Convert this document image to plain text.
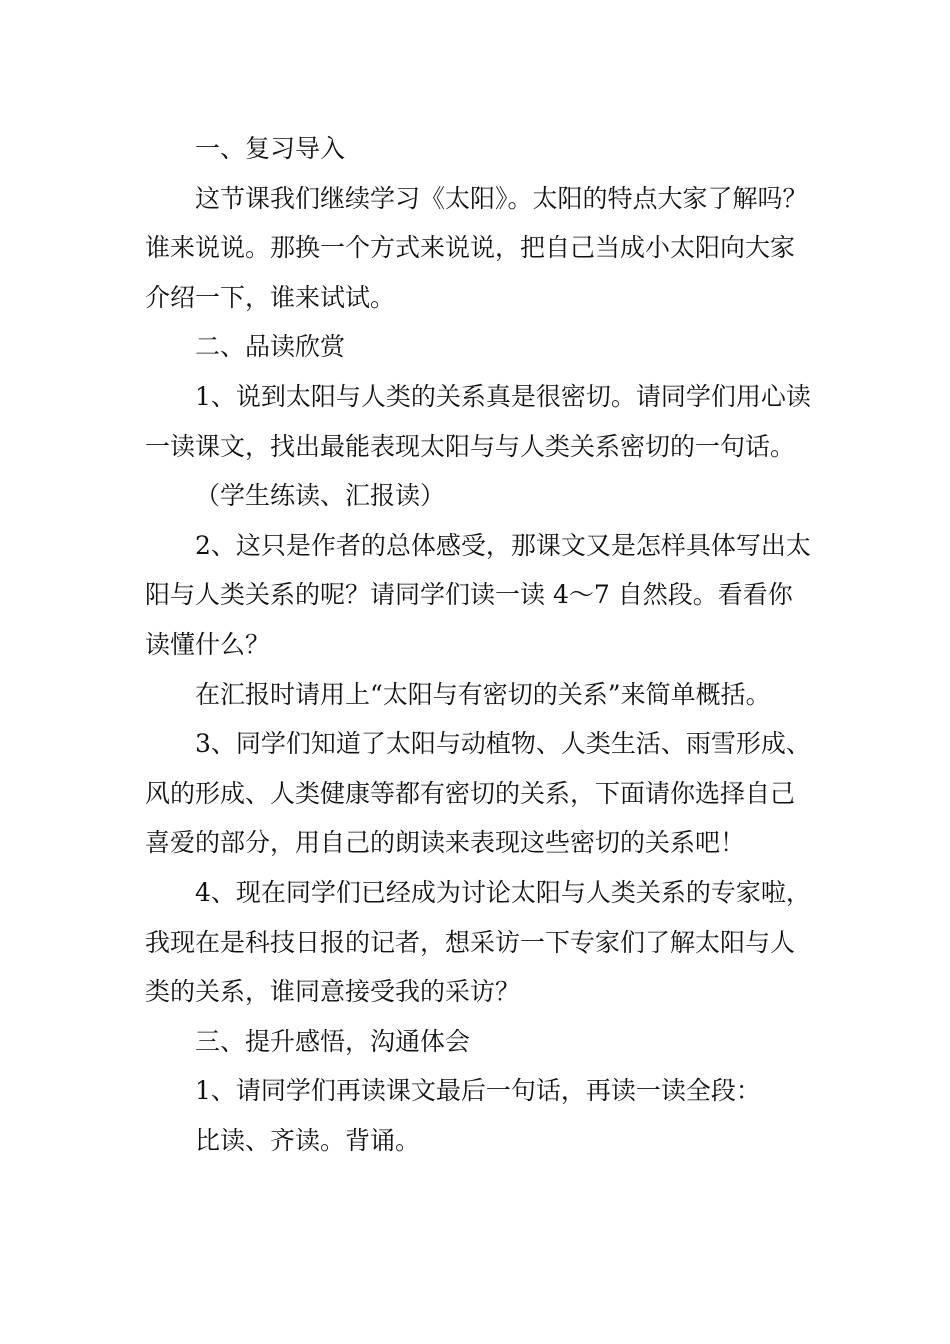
一、复习导入

这节课我们继续学习《太阳》。太阳的特点大家了解吗？谁来说说。那换一个方式来说说，把自己当成小太阳向大家介绍一下，谁来试试。

二、品读欣赏

1、说到太阳与人类的关系真是很密切。请同学们用心读一读课文，找出最能表现太阳与与人类关系密切的一句话。

（学生练读、汇报读）

2、这只是作者的总体感受，那课文又是怎样具体写出太阳与人类关系的呢？请同学们读一读 4～7 自然段。看看你读懂什么？

在汇报时请用上“太阳与有密切的关系”来简单概括。

3、同学们知道了太阳与动植物、人类生活、雨雪形成、风的形成、人类健康等都有密切的关系，下面请你选择自己喜爱的部分，用自己的朗读来表现这些密切的关系吧！

4、现在同学们已经成为讨论太阳与人类关系的专家啦，我现在是科技日报的记者，想采访一下专家们了解太阳与人类的关系，谁同意接受我的采访？

三、提升感悟，沟通体会

1、请同学们再读课文最后一句话，再读一读全段：

比读、齐读。背诵。
